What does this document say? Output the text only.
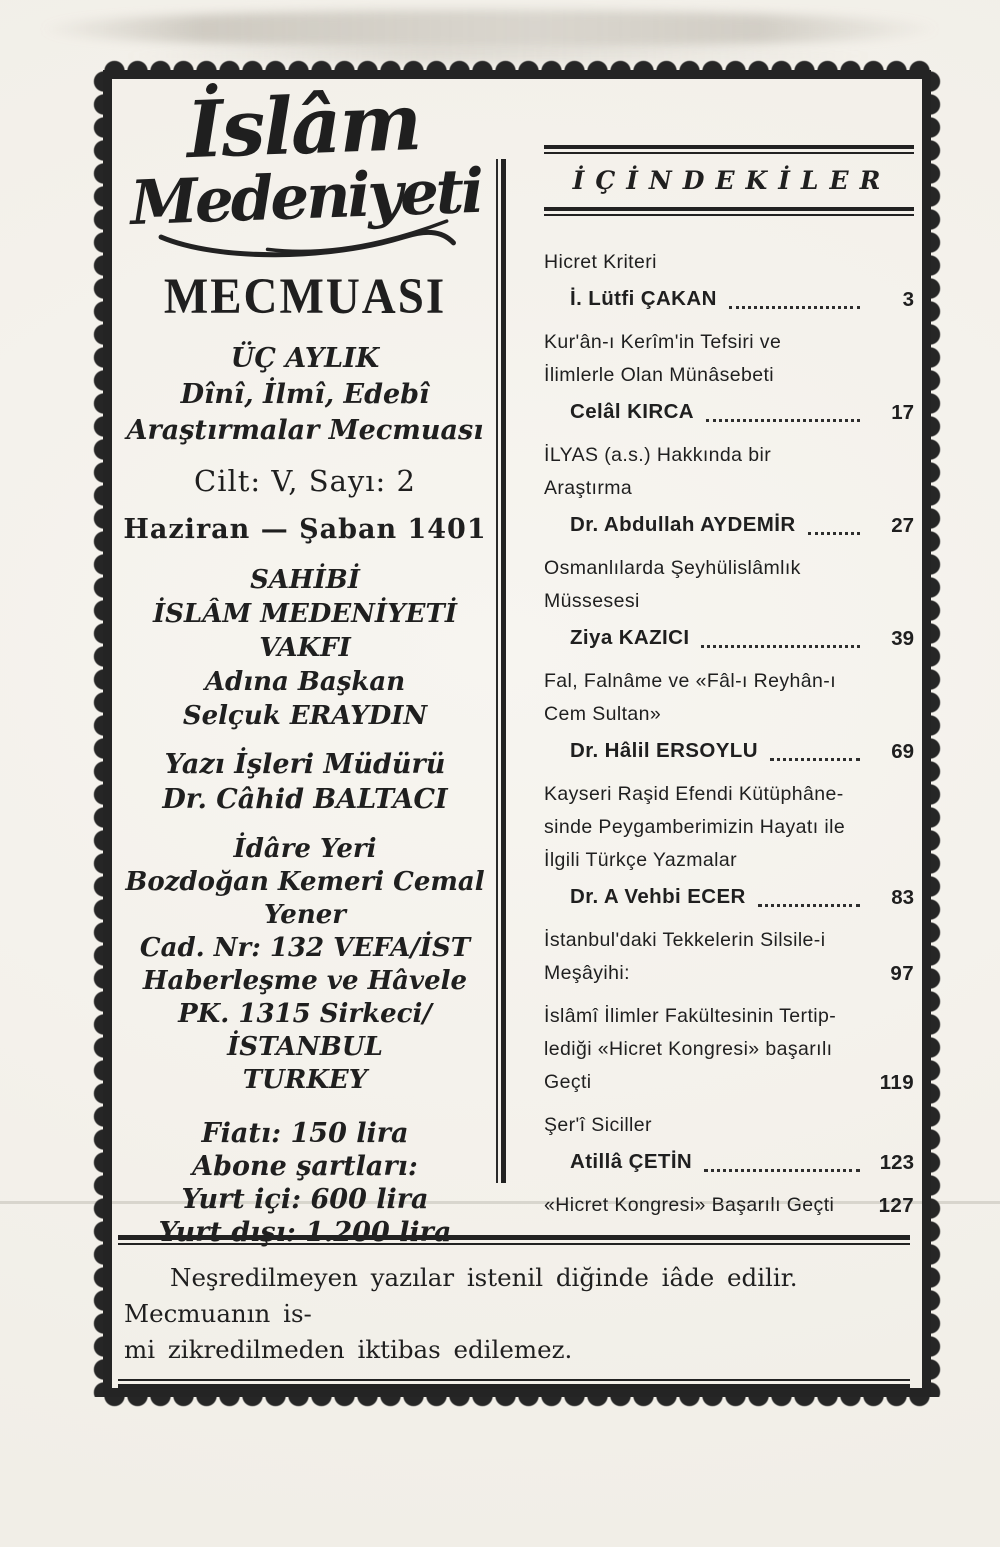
İslâm
Medeniyeti
MECMUASI
ÜÇ AYLIK
Dînî, İlmî, Edebî
Araştırmalar Mecmuası
Cilt: V, Sayı: 2
Haziran — Şaban 1401
SAHİBİ
İSLÂM MEDENİYETİ VAKFI
Adına Başkan
Selçuk ERAYDIN
Yazı İşleri Müdürü
Dr. Câhid BALTACI
İdâre Yeri
Bozdoğan Kemeri Cemal Yener
Cad. Nr: 132 VEFA/İST
Haberleşme ve Hâvele
PK. 1315 Sirkeci/İSTANBUL
TURKEY
Fiatı: 150 lira
Abone şartları:
Yurt içi: 600 lira
Yurt dışı: 1.200 lira
İÇİNDEKİLER
Hicret Kriteri
İ. Lütfi ÇAKAN	3
Kur'ân-ı Kerîm'in Tefsiri ve
İlimlerle Olan Münâsebeti
Celâl KIRCA	17
İLYAS (a.s.) Hakkında bir
Araştırma
Dr. Abdullah AYDEMİR	27
Osmanlılarda Şeyhülislâmlık
Müssesesi
Ziya KAZICI	39
Fal, Falnâme ve «Fâl-ı Reyhân-ı
Cem Sultan»
Dr. Hâlil ERSOYLU	69
Kayseri Raşid Efendi Kütüphâne-
sinde Peygamberimizin Hayatı ile
İlgili Türkçe Yazmalar
Dr. A Vehbi ECER	83
İstanbul'daki Tekkelerin Silsile-i
Meşâyihi:	97
İslâmî İlimler Fakültesinin Tertip-
lediği «Hicret Kongresi» başarılı
Geçti	119
Şer'î Siciller
Atillâ ÇETİN	123
«Hicret Kongresi» Başarılı Geçti	127

Neşredilmeyen yazılar istenil diğinde iâde edilir. Mecmuanın is-
mi zikredilmeden iktibas edilemez.
